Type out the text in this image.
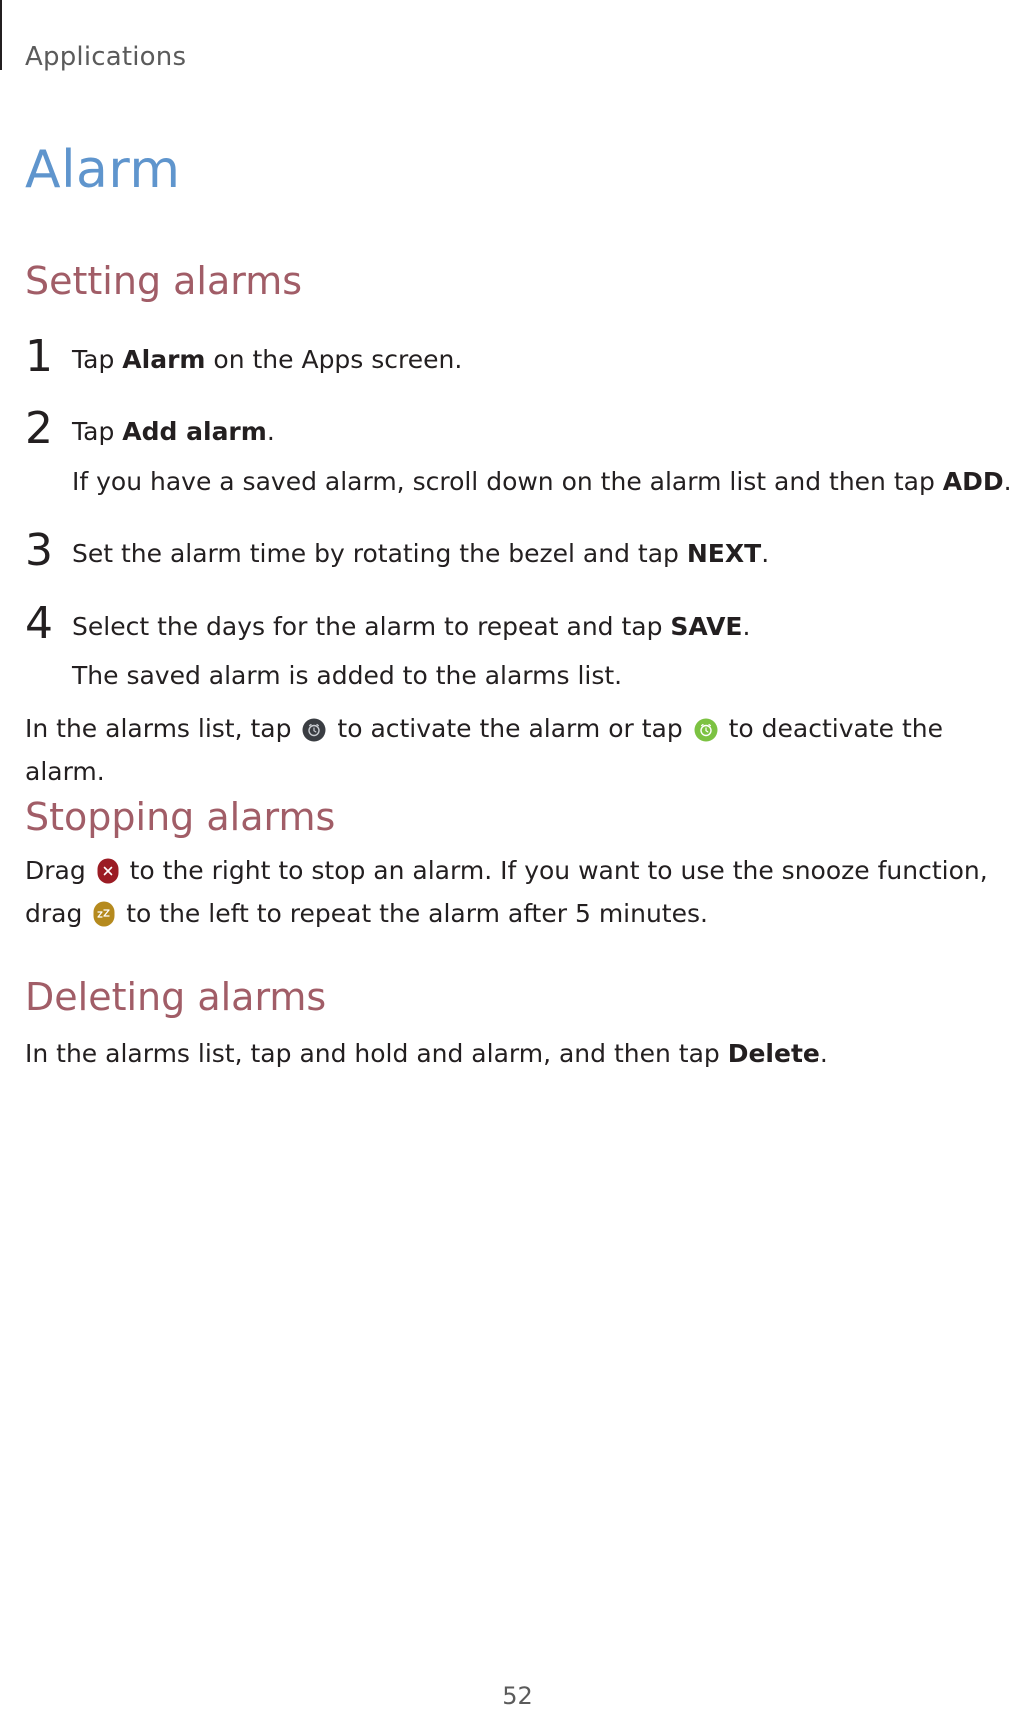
Applications
Alarm
Setting alarms
1 Tap Alarm on the Apps screen.
2 Tap Add alarm.
If you have a saved alarm, scroll down on the alarm list and then tap ADD.
3 Set the alarm time by rotating the bezel and tap NEXT.
4 Select the days for the alarm to repeat and tap SAVE.
The saved alarm is added to the alarms list.
In the alarms list, tap  to activate the alarm or tap  to deactivate the alarm.
Stopping alarms
Drag  to the right to stop an alarm. If you want to use the snooze function, drag  to the left to repeat the alarm after 5 minutes.
Deleting alarms
In the alarms list, tap and hold and alarm, and then tap Delete.
52
